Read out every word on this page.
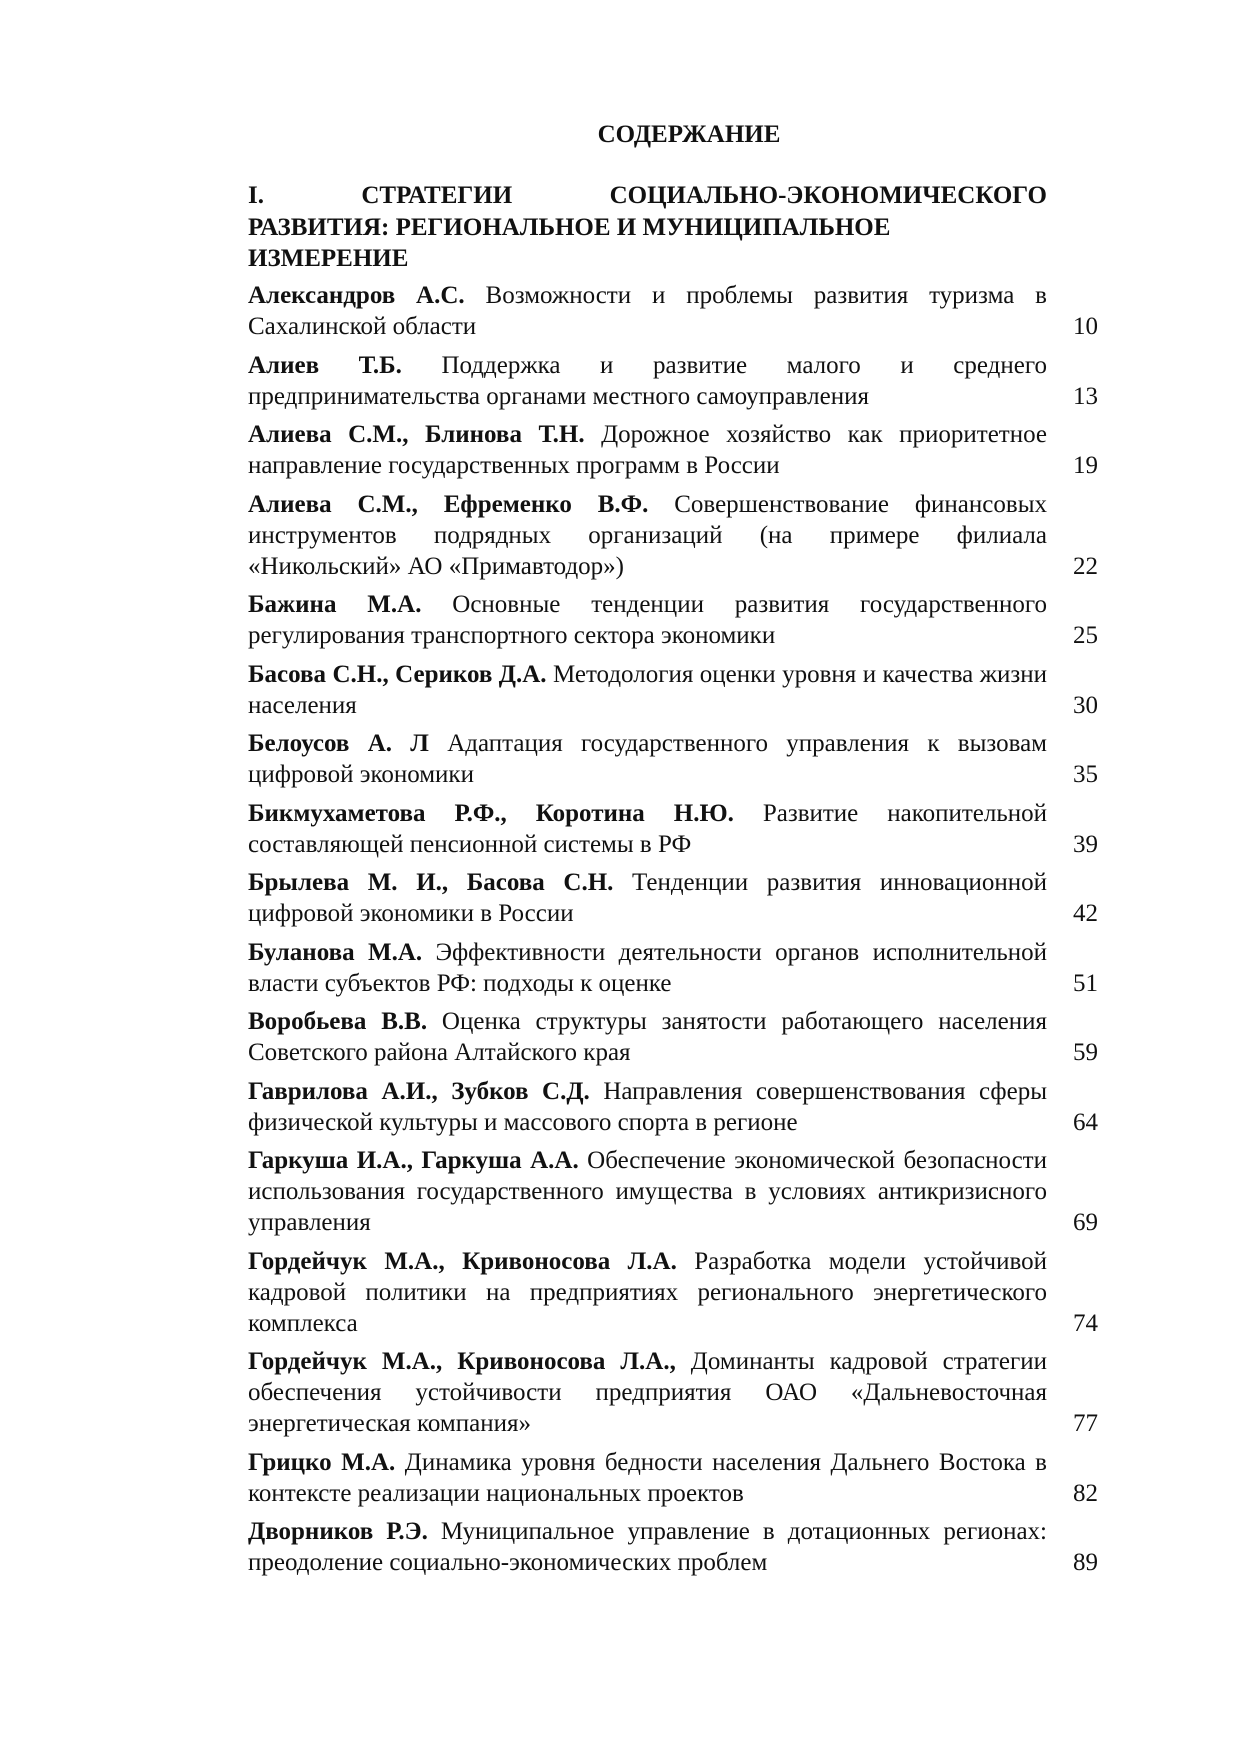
СОДЕРЖАНИЕ
I. СТРАТЕГИИ СОЦИАЛЬНО-ЭКОНОМИЧЕСКОГО
РАЗВИТИЯ: РЕГИОНАЛЬНОЕ И МУНИЦИПАЛЬНОЕ
ИЗМЕРЕНИЕ
Александров А.С. Возможности и проблемы развития туризма в Сахалинской области	10
Алиев Т.Б. Поддержка и развитие малого и среднего предпринимательства органами местного самоуправления	13
Алиева С.М., Блинова Т.Н. Дорожное хозяйство как приоритетное направление государственных программ в России	19
Алиева С.М., Ефременко В.Ф. Совершенствование финансовых инструментов подрядных организаций (на примере филиала «Никольский» АО «Примавтодор»)	22
Бажина М.А. Основные тенденции развития государственного регулирования транспортного сектора экономики	25
Басова С.Н., Сериков Д.А. Методология оценки уровня и качества жизни населения	30
Белоусов А. Л Адаптация государственного управления к вызовам цифровой экономики	35
Бикмухаметова Р.Ф., Коротина Н.Ю. Развитие накопительной составляющей пенсионной системы в РФ	39
Брылева М. И., Басова С.Н. Тенденции развития инновационной цифровой экономики в России	42
Буланова М.А. Эффективности деятельности органов исполнительной власти субъектов РФ: подходы к оценке	51
Воробьева В.В. Оценка структуры занятости работающего населения Советского района Алтайского края	59
Гаврилова А.И., Зубков С.Д. Направления совершенствования сферы физической культуры и массового спорта в регионе	64
Гаркуша И.А., Гаркуша А.А. Обеспечение экономической безопасности использования государственного имущества в условиях антикризисного управления	69
Гордейчук М.А., Кривоносова Л.А. Разработка модели устойчивой кадровой политики на предприятиях регионального энергетического комплекса	74
Гордейчук М.А., Кривоносова Л.А., Доминанты кадровой стратегии обеспечения устойчивости предприятия ОАО «Дальневосточная энергетическая компания»	77
Грицко М.А. Динамика уровня бедности населения Дальнего Востока в контексте реализации национальных проектов	82
Дворников Р.Э. Муниципальное управление в дотационных регионах: преодоление социально-экономических проблем	89
